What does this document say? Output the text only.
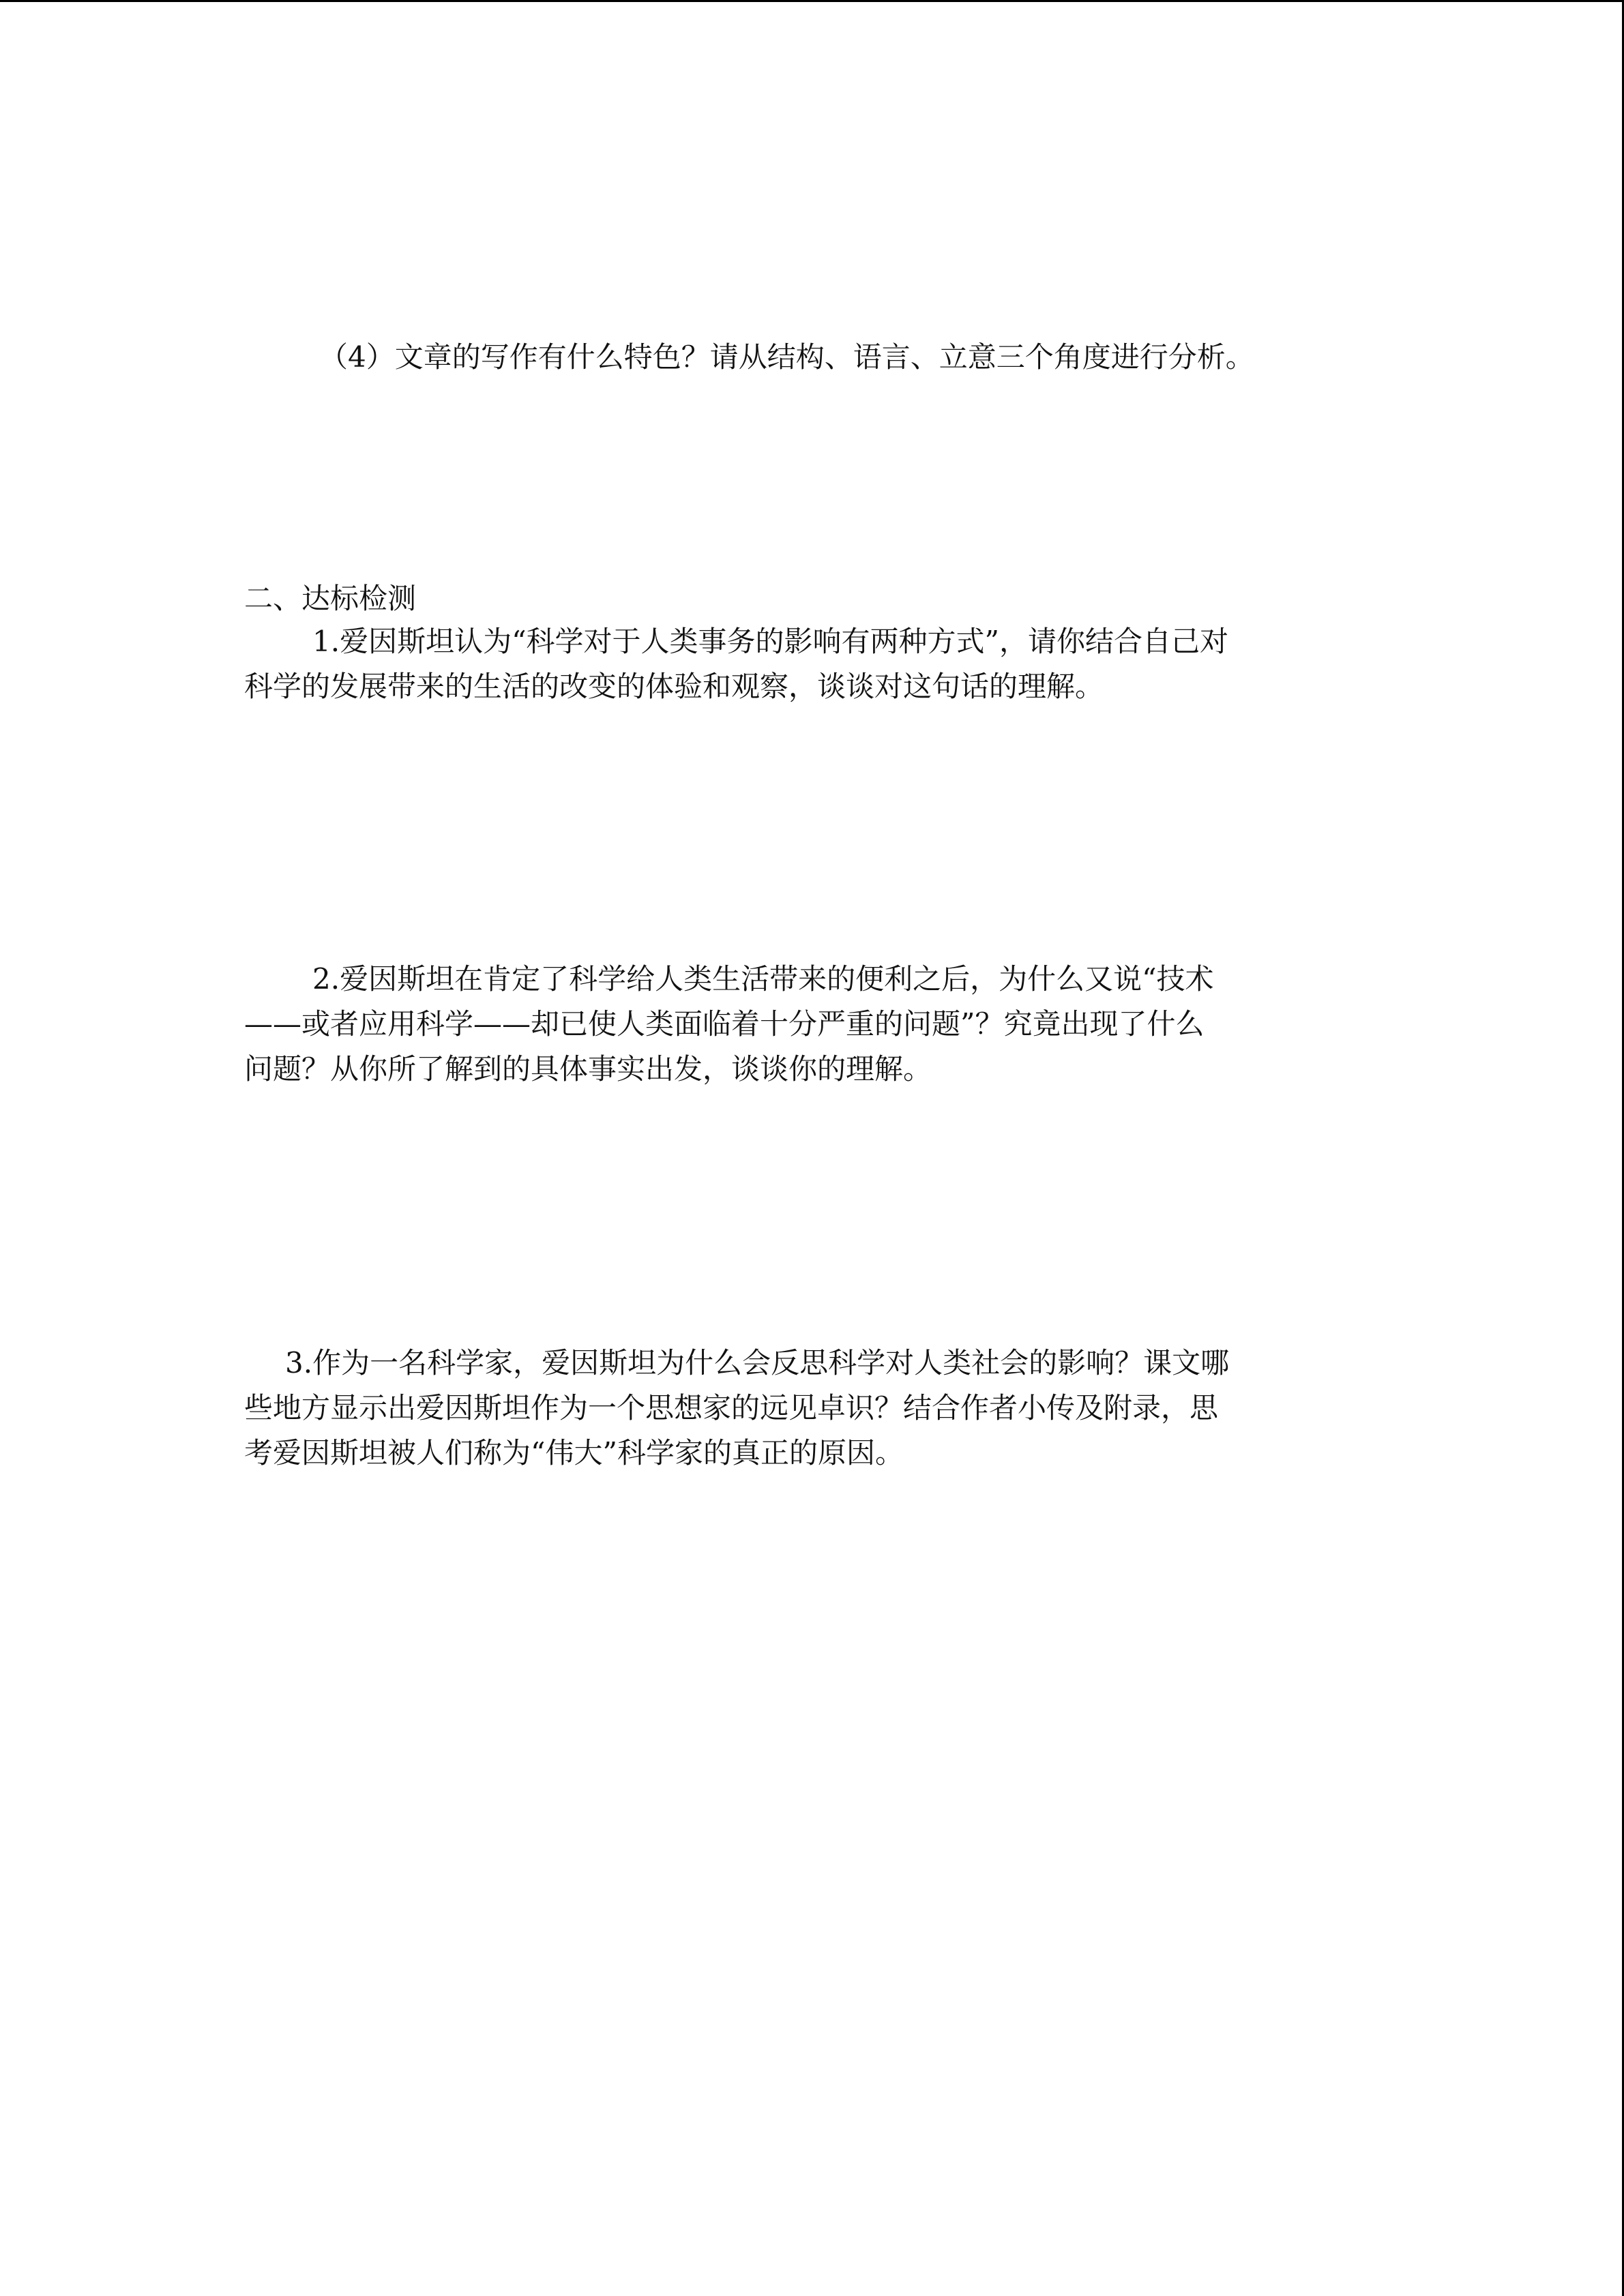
（4）文章的写作有什么特色？请从结构、语言、立意三个角度进行分析。
二、达标检测
1.爱因斯坦认为“科学对于人类事务的影响有两种方式”，请你结合自己对
科学的发展带来的生活的改变的体验和观察，谈谈对这句话的理解。
2.爱因斯坦在肯定了科学给人类生活带来的便利之后，为什么又说“技术
——或者应用科学——却已使人类面临着十分严重的问题”？究竟出现了什么
问题？从你所了解到的具体事实出发，谈谈你的理解。
3.作为一名科学家，爱因斯坦为什么会反思科学对人类社会的影响？课文哪
些地方显示出爱因斯坦作为一个思想家的远见卓识？结合作者小传及附录，思
考爱因斯坦被人们称为“伟大”科学家的真正的原因。
